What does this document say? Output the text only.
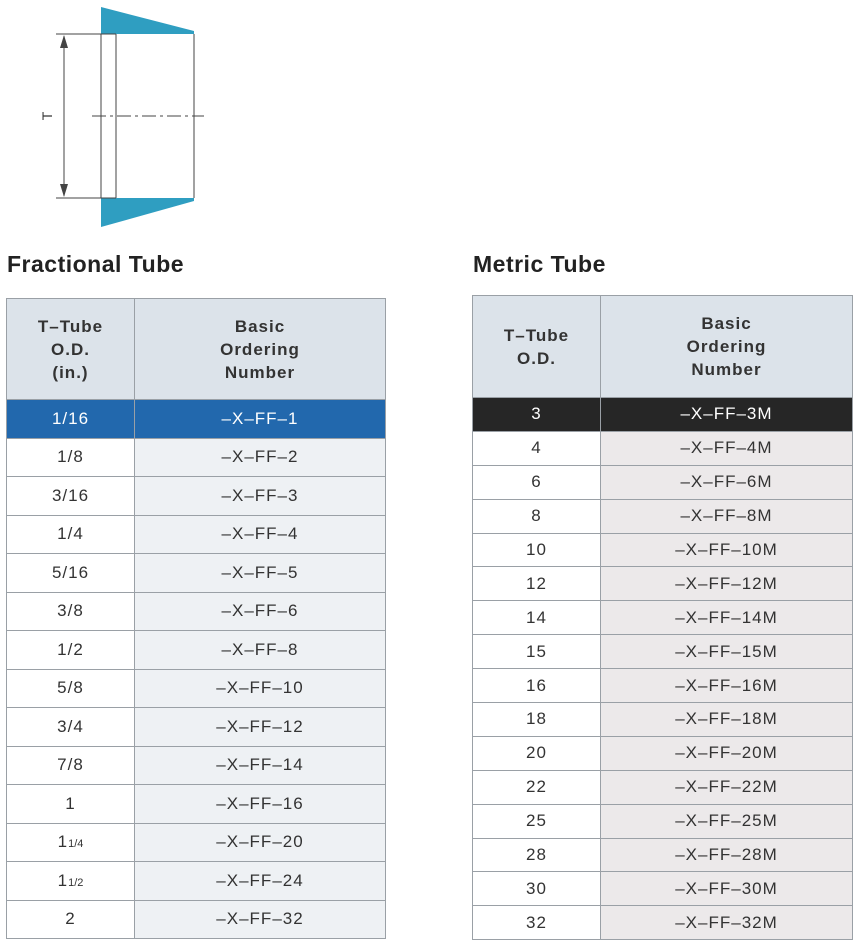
T
Fractional Tube	Metric Tube
T–Tube
O.D.
(in.)	Basic
Ordering
Number
1/16	–X–FF–1
1/8	–X–FF–2
3/16	–X–FF–3
1/4	–X–FF–4
5/16	–X–FF–5
3/8	–X–FF–6
1/2	–X–FF–8
5/8	–X–FF–10
3/4	–X–FF–12
7/8	–X–FF–14
1	–X–FF–16
11/4	–X–FF–20
11/2	–X–FF–24
2	–X–FF–32
T–Tube
O.D.	Basic
Ordering
Number
3	–X–FF–3M
4	–X–FF–4M
6	–X–FF–6M
8	–X–FF–8M
10	–X–FF–10M
12	–X–FF–12M
14	–X–FF–14M
15	–X–FF–15M
16	–X–FF–16M
18	–X–FF–18M
20	–X–FF–20M
22	–X–FF–22M
25	–X–FF–25M
28	–X–FF–28M
30	–X–FF–30M
32	–X–FF–32M
